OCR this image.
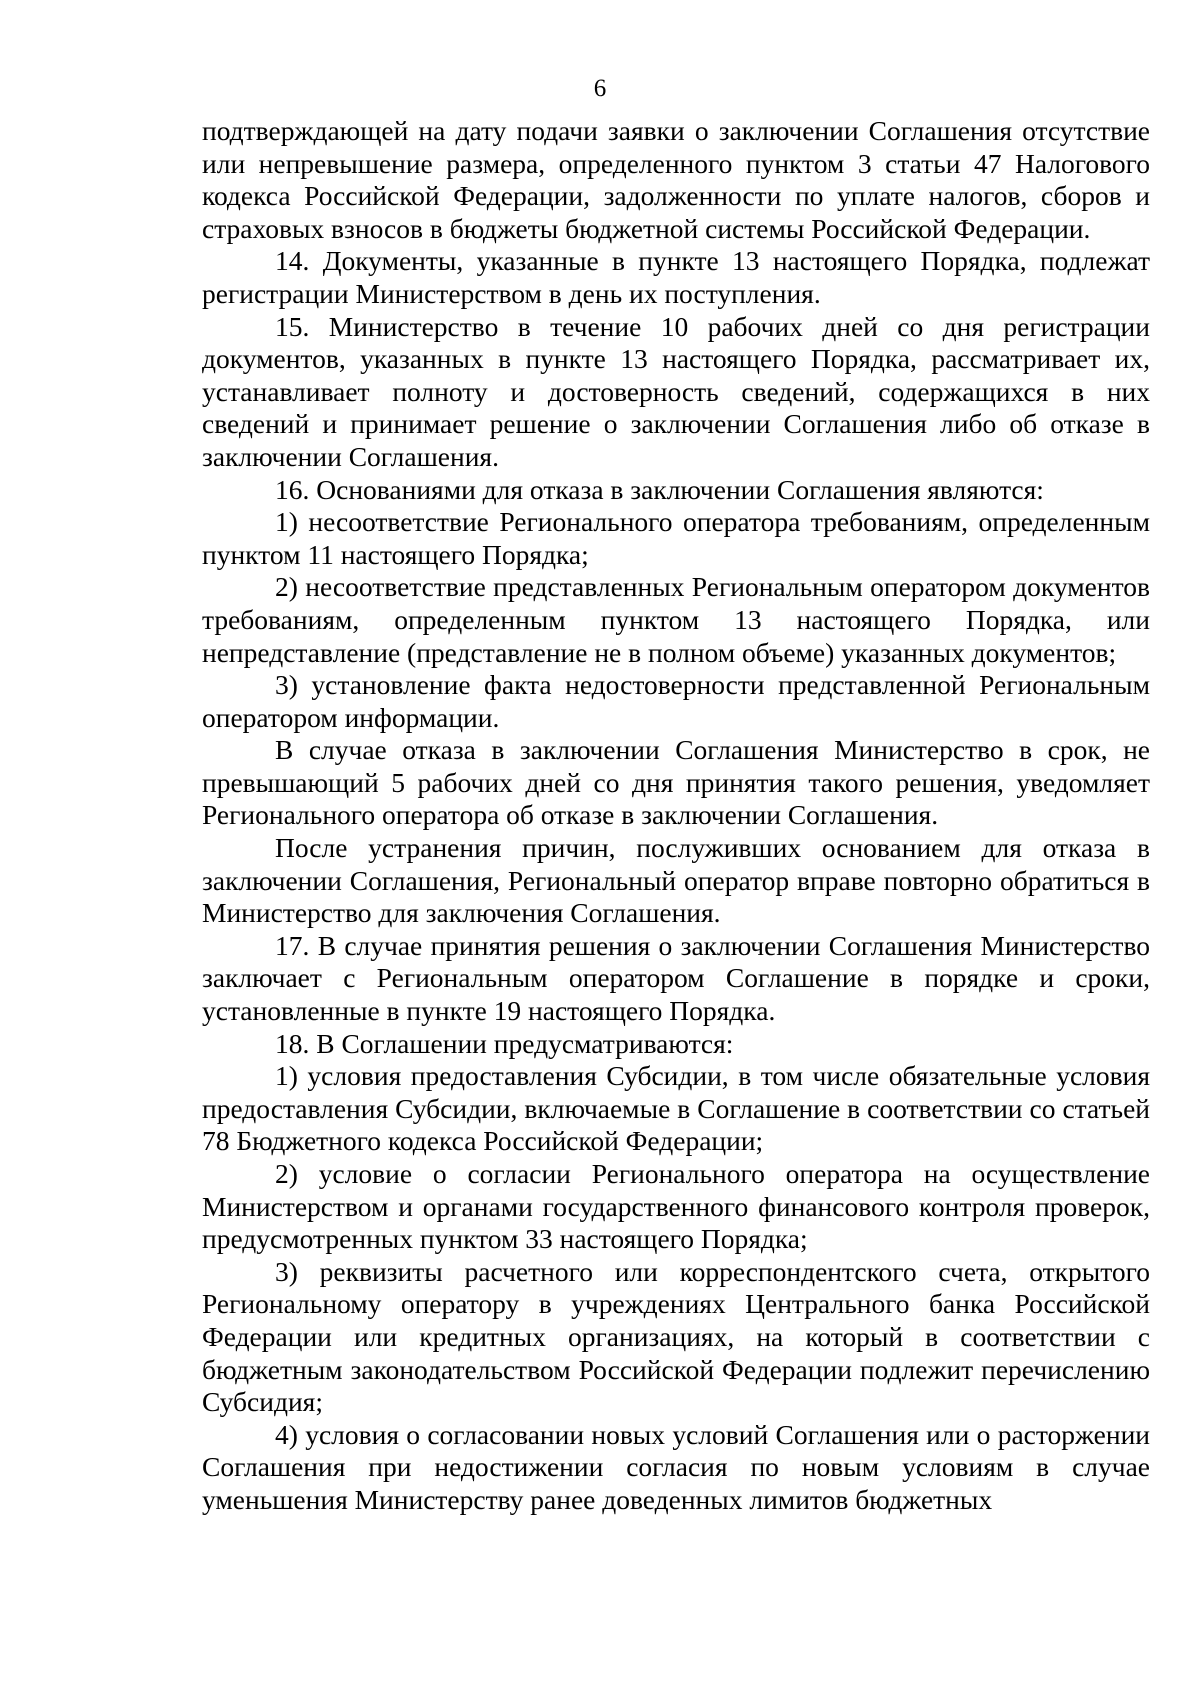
6

подтверждающей на дату подачи заявки о заключении Соглашения отсутствие или непревышение размера, определенного пунктом 3 статьи 47 Налогового кодекса Российской Федерации, задолженности по уплате налогов, сборов и страховых взносов в бюджеты бюджетной системы Российской Федерации.

14. Документы, указанные в пункте 13 настоящего Порядка, подлежат регистрации Министерством в день их поступления.

15. Министерство в течение 10 рабочих дней со дня регистрации документов, указанных в пункте 13 настоящего Порядка, рассматривает их, устанавливает полноту и достоверность сведений, содержащихся в них сведений и принимает решение о заключении Соглашения либо об отказе в заключении Соглашения.

16. Основаниями для отказа в заключении Соглашения являются:

1) несоответствие Регионального оператора требованиям, определенным пунктом 11 настоящего Порядка;

2) несоответствие представленных Региональным оператором документов требованиям, определенным пунктом 13 настоящего Порядка, или непредставление (представление не в полном объеме) указанных документов;

3) установление факта недостоверности представленной Региональным оператором информации.

В случае отказа в заключении Соглашения Министерство в срок, не превышающий 5 рабочих дней со дня принятия такого решения, уведомляет Регионального оператора об отказе в заключении Соглашения.

После устранения причин, послуживших основанием для отказа в заключении Соглашения, Региональный оператор вправе повторно обратиться в Министерство для заключения Соглашения.

17. В случае принятия решения о заключении Соглашения Министерство заключает с Региональным оператором Соглашение в порядке и сроки, установленные в пункте 19 настоящего Порядка.

18. В Соглашении предусматриваются:

1) условия предоставления Субсидии, в том числе обязательные условия предоставления Субсидии, включаемые в Соглашение в соответствии со статьей 78 Бюджетного кодекса Российской Федерации;

2) условие о согласии Регионального оператора на осуществление Министерством и органами государственного финансового контроля проверок, предусмотренных пунктом 33 настоящего Порядка;

3) реквизиты расчетного или корреспондентского счета, открытого Региональному оператору в учреждениях Центрального банка Российской Федерации или кредитных организациях, на который в соответствии с бюджетным законодательством Российской Федерации подлежит перечислению Субсидия;

4) условия о согласовании новых условий Соглашения или о расторжении Соглашения при недостижении согласия по новым условиям в случае уменьшения Министерству ранее доведенных лимитов бюджетных
